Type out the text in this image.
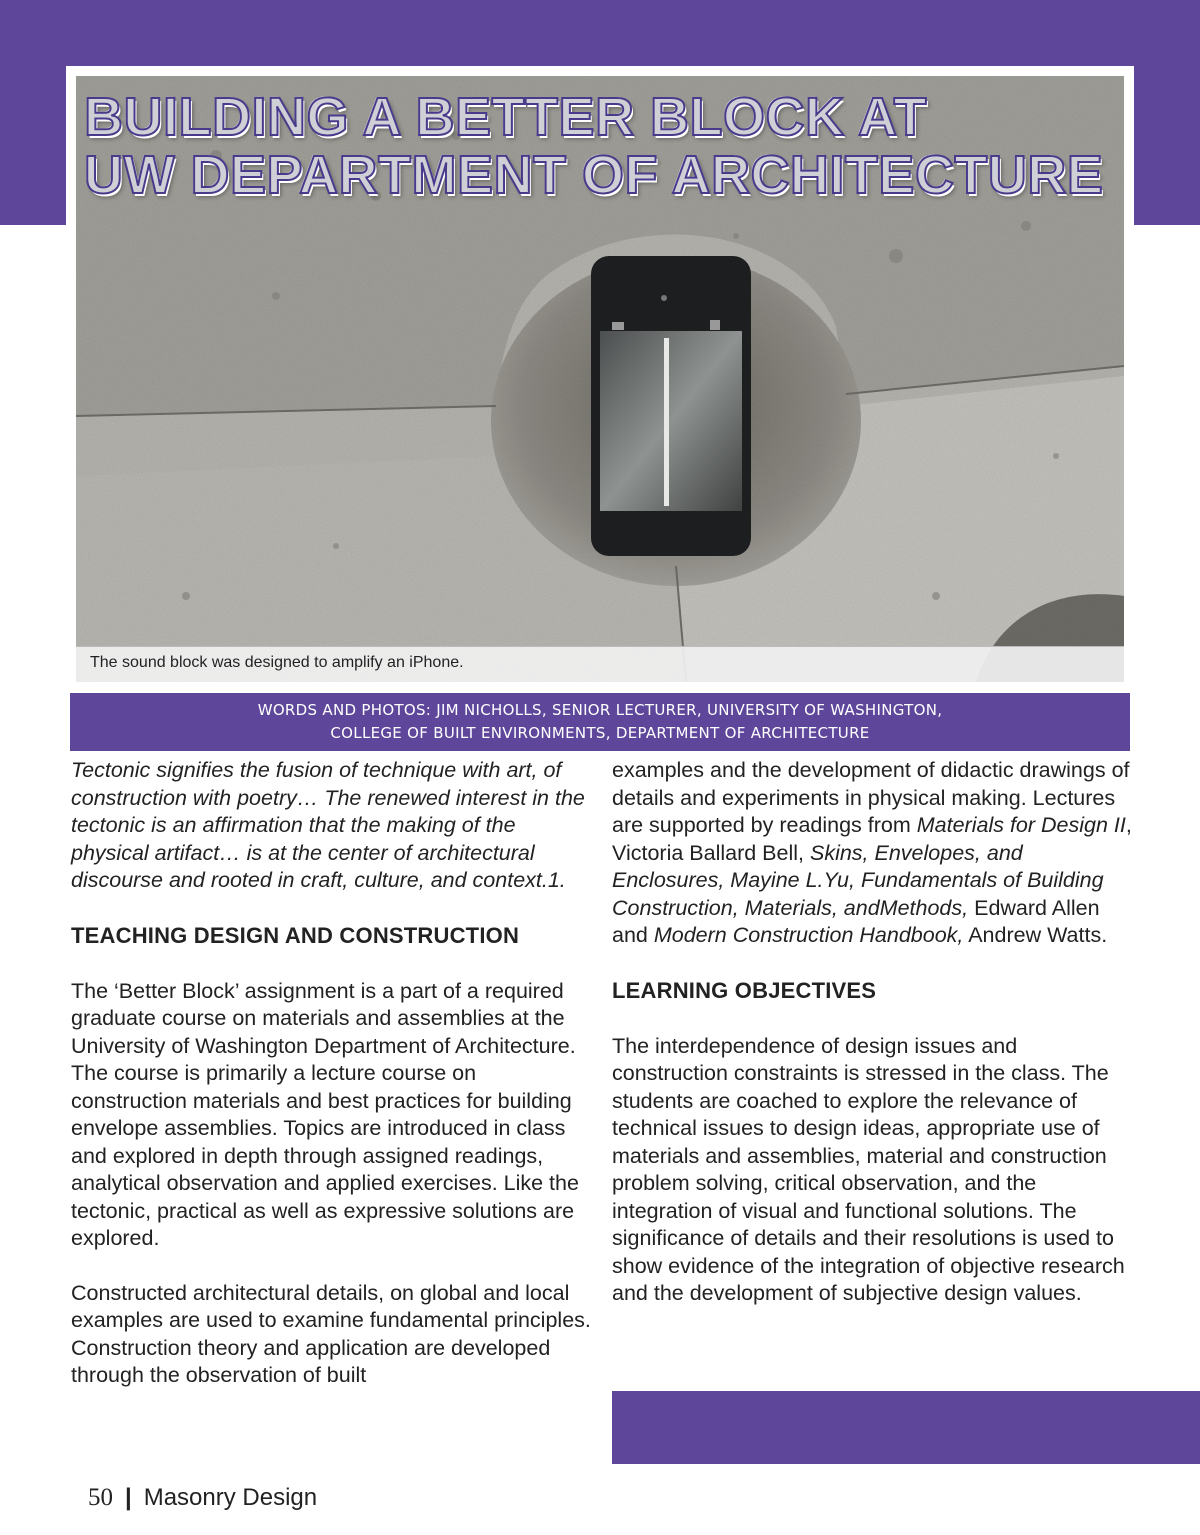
BUILDING A BETTER BLOCK AT
UW DEPARTMENT OF ARCHITECTURE
The sound block was designed to amplify an iPhone.
WORDS AND PHOTOS: JIM NICHOLLS, SENIOR LECTURER, UNIVERSITY OF WASHINGTON,
COLLEGE OF BUILT ENVIRONMENTS, DEPARTMENT OF ARCHITECTURE

Tectonic signifies the fusion of technique with art, of construction with poetry… The renewed interest in the tectonic is an affirmation that the making of the physical artifact… is at the center of architectural discourse and rooted in craft, culture, and context.1.

TEACHING DESIGN AND CONSTRUCTION

The ‘Better Block’ assignment is a part of a required graduate course on materials and assemblies at the University of Washington Department of Architecture. The course is primarily a lecture course on construction materials and best practices for building envelope assemblies. Topics are introduced in class and explored in depth through assigned readings, analytical observation and applied exercises. Like the tectonic, practical as well as expressive solutions are explored.

Constructed architectural details, on global and local examples are used to examine fundamental principles. Construction theory and application are developed through the observation of built

examples and the development of didactic drawings of details and experiments in physical making. Lectures are supported by readings from Materials for Design II, Victoria Ballard Bell, Skins, Envelopes, and Enclosures, Mayine L.Yu, Fundamentals of Building Construction, Materials, andMethods, Edward Allen and Modern Construction Handbook, Andrew Watts.

LEARNING OBJECTIVES

The interdependence of design issues and construction constraints is stressed in the class. The students are coached to explore the relevance of technical issues to design ideas, appropriate use of materials and assemblies, material and construction problem solving, critical observation, and the integration of visual and functional solutions. The significance of details and their resolutions is used to show evidence of the integration of objective research and the development of subjective design values.

50 | Masonry Design
